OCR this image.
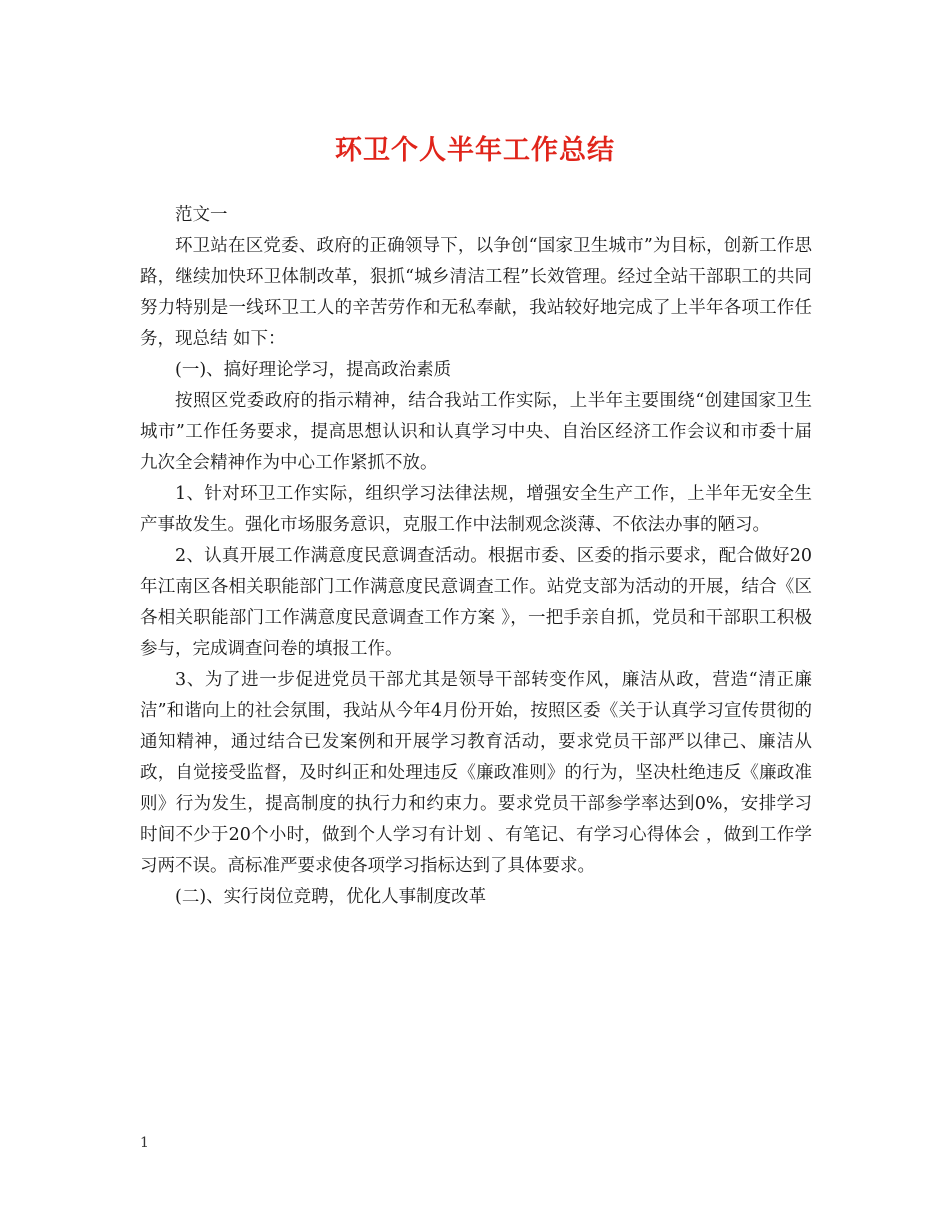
环卫个人半年工作总结

范文一

环卫站在区党委、政府的正确领导下，以争创“国家卫生城市”为目标，创新工作思路，继续加快环卫体制改革，狠抓“城乡清洁工程”长效管理。经过全站干部职工的共同努力特别是一线环卫工人的辛苦劳作和无私奉献，我站较好地完成了上半年各项工作任务，现总结 如下：

(一)、搞好理论学习，提高政治素质

按照区党委政府的指示精神，结合我站工作实际，上半年主要围绕“创建国家卫生城市”工作任务要求，提高思想认识和认真学习中央、自治区经济工作会议和市委十届九次全会精神作为中心工作紧抓不放。

1、针对环卫工作实际，组织学习法律法规，增强安全生产工作，上半年无安全生产事故发生。强化市场服务意识，克服工作中法制观念淡薄、不依法办事的陋习。

2、认真开展工作满意度民意调查活动。根据市委、区委的指示要求，配合做好20年江南区各相关职能部门工作满意度民意调查工作。站党支部为活动的开展，结合《区各相关职能部门工作满意度民意调查工作方案 》，一把手亲自抓，党员和干部职工积极参与，完成调查问卷的填报工作。

3、为了进一步促进党员干部尤其是领导干部转变作风，廉洁从政，营造“清正廉洁”和谐向上的社会氛围，我站从今年4月份开始，按照区委《关于认真学习宣传贯彻的通知精神，通过结合已发案例和开展学习教育活动，要求党员干部严以律己、廉洁从政，自觉接受监督，及时纠正和处理违反《廉政准则》的行为，坚决杜绝违反《廉政准则》行为发生，提高制度的执行力和约束力。要求党员干部参学率达到0%，安排学习时间不少于20个小时，做到个人学习有计划 、有笔记、有学习心得体会 ，做到工作学习两不误。高标准严要求使各项学习指标达到了具体要求。

(二)、实行岗位竞聘，优化人事制度改革

1
